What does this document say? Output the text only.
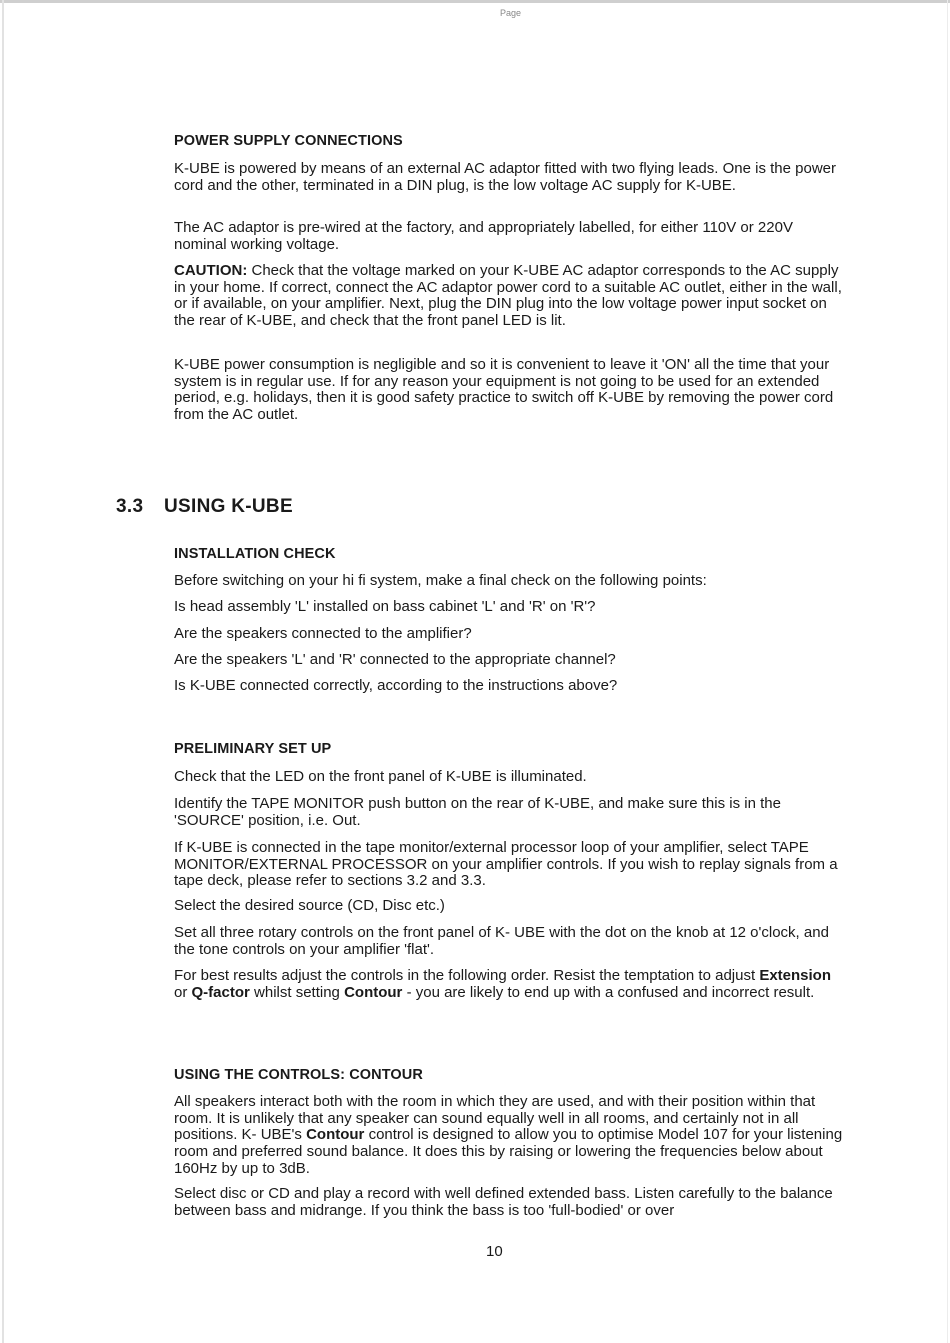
Page
POWER SUPPLY CONNECTIONS
K-UBE is powered by means of an external AC adaptor fitted with two flying leads. One is the power cord and the other, terminated in a DIN plug, is the low voltage AC supply for K-UBE.
The AC adaptor is pre-wired at the factory, and appropriately labelled, for either 110V or 220V nominal working voltage.
CAUTION: Check that the voltage marked on your K-UBE AC adaptor corresponds to the AC supply in your home. If correct, connect the AC adaptor power cord to a suitable AC outlet, either in the wall, or if available, on your amplifier. Next, plug the DIN plug into the low voltage power input socket on the rear of K-UBE, and check that the front panel LED is lit.
K-UBE power consumption is negligible and so it is convenient to leave it 'ON' all the time that your system is in regular use. If for any reason your equipment is not going to be used for an extended period, e.g. holidays, then it is good safety practice to switch off K-UBE by removing the power cord from the AC outlet.
INSTALLATION CHECK
Before switching on your hi fi system, make a final check on the following points:
Is head assembly 'L' installed on bass cabinet 'L' and 'R' on 'R'?
Are the speakers connected to the amplifier?
Are the speakers 'L' and 'R' connected to the appropriate channel?
Is K-UBE connected correctly, according to the instructions above?
PRELIMINARY SET UP
Check that the LED on the front panel of K-UBE is illuminated.
Identify the TAPE MONITOR push button on the rear of K-UBE, and make sure this is in the 'SOURCE' position, i.e. Out.
If K-UBE is connected in the tape monitor/external processor loop of your amplifier, select TAPE MONITOR/EXTERNAL PROCESSOR on your amplifier controls. If you wish to replay signals from a tape deck, please refer to sections 3.2 and 3.3.
Select the desired source (CD, Disc etc.)
Set all three rotary controls on the front panel of K- UBE with the dot on the knob at 12 o'clock, and the tone controls on your amplifier 'flat'.
For best results adjust the controls in the following order. Resist the temptation to adjust Extension or Q-factor whilst setting Contour - you are likely to end up with a confused and incorrect result.
USING THE CONTROLS: CONTOUR
All speakers interact both with the room in which they are used, and with their position within that room. It is unlikely that any speaker can sound equally well in all rooms, and certainly not in all positions. K- UBE's Contour control is designed to allow you to optimise Model 107 for your listening room and preferred sound balance. It does this by raising or lowering the frequencies below about 160Hz by up to 3dB.
Select disc or CD and play a record with well defined extended bass. Listen carefully to the balance between bass and midrange. If you think the bass is too 'full-bodied' or over
3.3 USING K-UBE
10
